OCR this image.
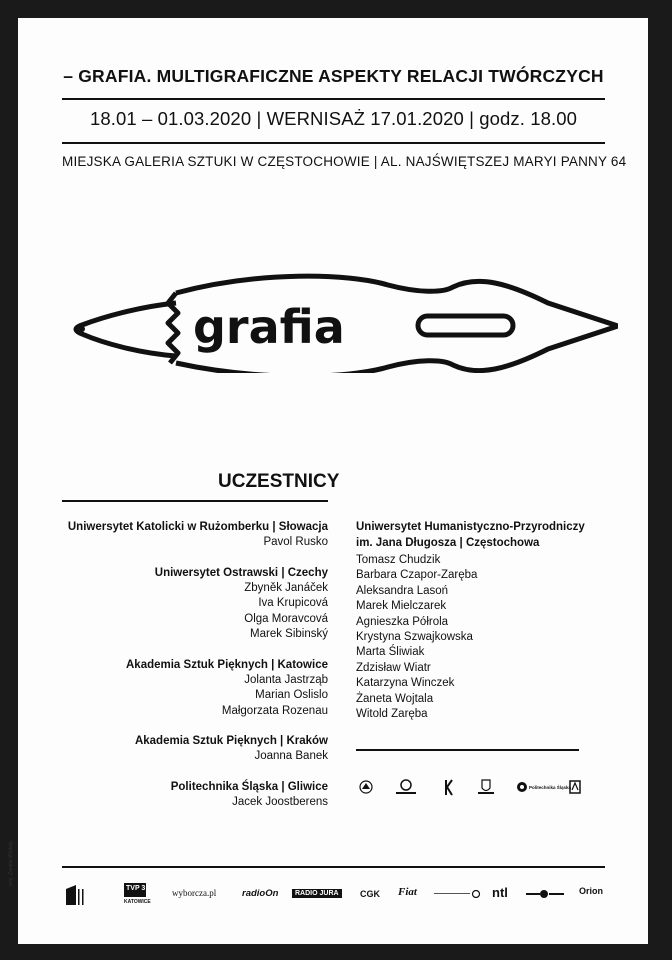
– GRAFIA. MULTIGRAFICZNE ASPEKTY RELACJI TWÓRCZYCH
18.01 – 01.03.2020 | WERNISAŻ 17.01.2020 | godz. 18.00
MIEJSKA GALERIA SZTUKI W CZĘSTOCHOWIE | AL. NAJŚWIĘTSZEJ MARYI PANNY 64
grafia
UCZESTNICY
Uniwersytet Katolicki w Rużomberku | Słowacja
Pavol Rusko
Uniwersytet Ostrawski | Czechy
Zbyněk Janáček
Iva Krupicová
Olga Moravcová
Marek Sibinský
Akademia Sztuk Pięknych | Katowice
Jolanta Jastrząb
Marian Oslislo
Małgorzata Rozenau
Akademia Sztuk Pięknych | Kraków
Joanna Banek
Politechnika Śląska | Gliwice
Jacek Joostberens
Uniwersytet Humanistyczno-Przyrodniczy
im. Jana Długosza | Częstochowa
Tomasz Chudzik
Barbara Czapor-Zaręba
Aleksandra Lasoń
Marek Mielczarek
Agnieszka Półrola
Krystyna Szwajkowska
Marta Śliwiak
Zdzisław Wiatr
Katarzyna Winczek
Żaneta Wojtala
Witold Zaręba
Politechnika Śląska
TVP 3
KATOWICE
wyborcza.pl	radioOn	RADIO JURA	CGK Fiat	ntl	Orion
proj. Żaneta Wojtala
